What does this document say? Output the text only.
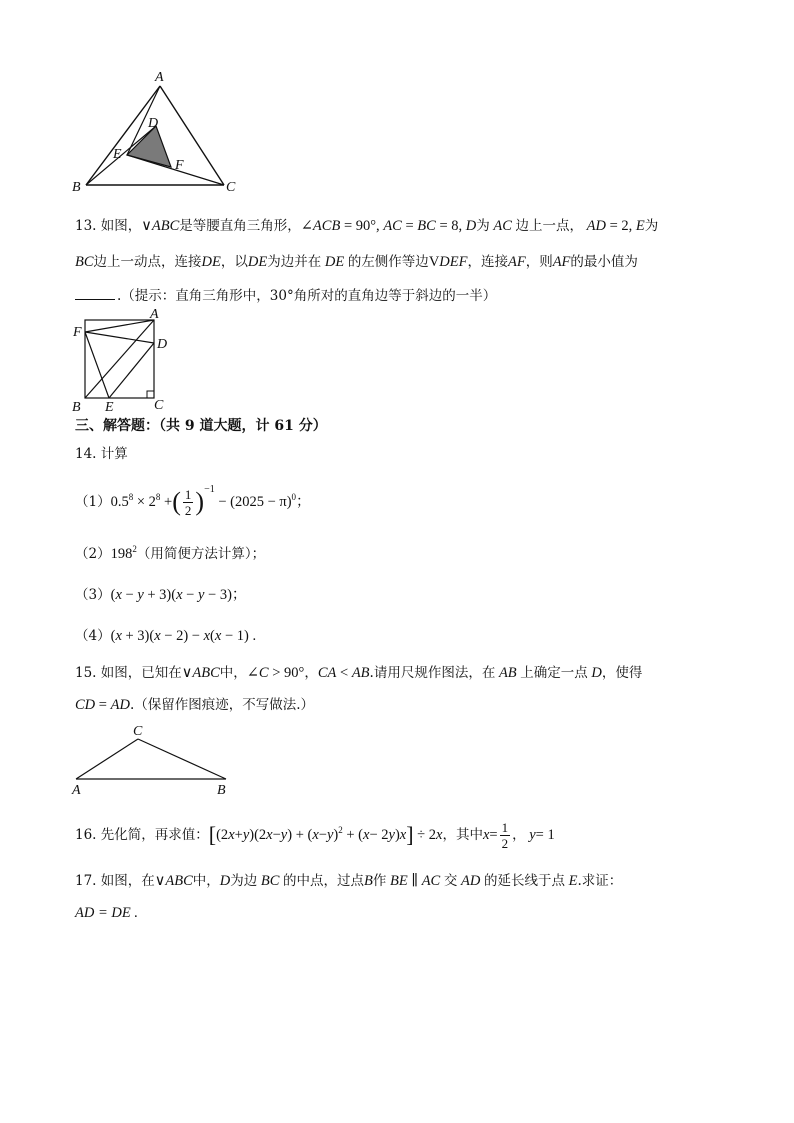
A
B	C
D
E
F
13. 如图，∨ABC是等腰直角三角形，∠ACB = 90°, AC = BC = 8, D为 AC 边上一点， AD = 2, E为
BC边上一动点，连接DE，以DE为边并在 DE 的左侧作等边VDEF，连接AF，则AF的最小值为
.（提示：直角三角形中，30°角所对的直角边等于斜边的一半）
F
A
D
B E	C
三、解答题：（共 9 道大题，计 61 分）
14. 计算
（1） $0.5^8 \times 2^8$ + ( $\frac{1}{2}$ ) −1
− $(2025 - \pi)^0$；
$(2)198^2$（用简便方法计算）；
（3）(x − y + 3)(x − y − 3)；
（4）(x + 3)(x − 2) − x(x − 1) .
15. 如图，已知在∨ABC中，∠C > 90°，CA < AB.请用尺规作图法，在 AB 上确定一点 D，使得
CD = AD.（保留作图痕迹，不写做法.）
C
A	B
16. 先化简，再求值： [ (2 x + y )(2 x − y ) + ( x − y )$^2$ + ( x − 2 y ) x ] ÷ 2 x ，其中 $x = \frac{1}{2}$ ， y = 1
17. 如图，在∨ABC中，D为边 BC 的中点，过点B作 BE ∥ AC 交 AD 的延长线于点 E.求证：
AD = DE .
